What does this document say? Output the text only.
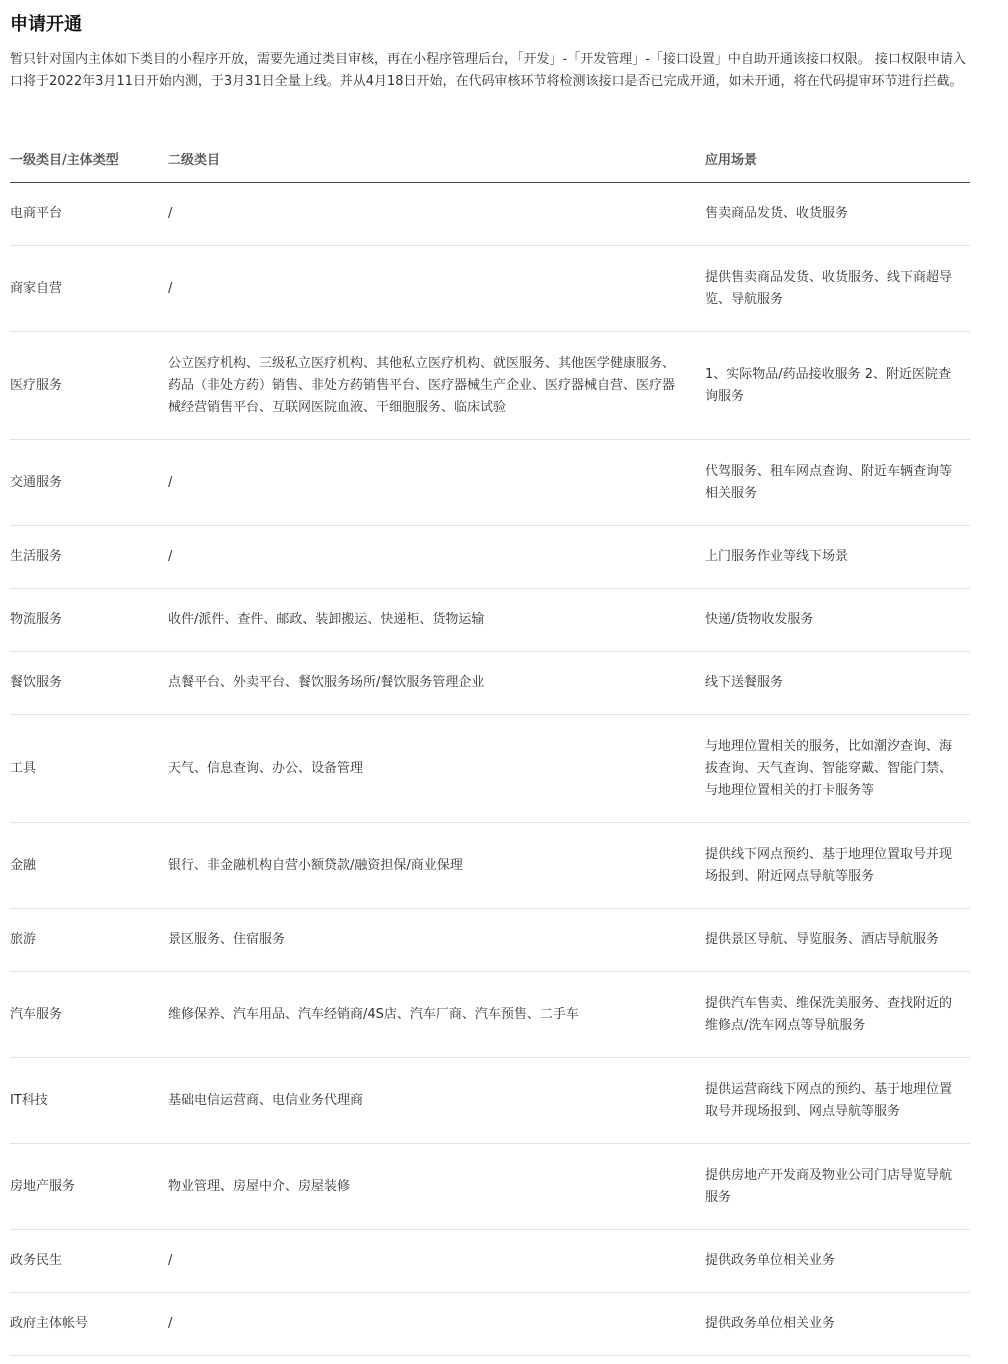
申请开通

暂只针对国内主体如下类目的小程序开放，需要先通过类目审核，再在小程序管理后台，「开发」-「开发管理」-「接口设置」中自助开通该接口权限。 接口权限申请入口将于2022年3月11日开始内测，于3月31日全量上线。并从4月18日开始，在代码审核环节将检测该接口是否已完成开通，如未开通，将在代码提审环节进行拦截。

一级类目/主体类型	二级类目	应用场景
电商平台	/	售卖商品发货、收货服务
商家自营	/	提供售卖商品发货、收货服务、线下商超导览、导航服务
医疗服务	公立医疗机构、三级私立医疗机构、其他私立医疗机构、就医服务、其他医学健康服务、药品（非处方药）销售、非处方药销售平台、医疗器械生产企业、医疗器械自营、医疗器械经营销售平台、互联网医院血液、干细胞服务、临床试验	1、实际物品/药品接收服务 2、附近医院查询服务
交通服务	/	代驾服务、租车网点查询、附近车辆查询等相关服务
生活服务	/	上门服务作业等线下场景
物流服务	收件/派件、查件、邮政、装卸搬运、快递柜、货物运输	快递/货物收发服务
餐饮服务	点餐平台、外卖平台、餐饮服务场所/餐饮服务管理企业	线下送餐服务
工具	天气、信息查询、办公、设备管理	与地理位置相关的服务，比如潮汐查询、海拔查询、天气查询、智能穿戴、智能门禁、与地理位置相关的打卡服务等
金融	银行、非金融机构自营小额贷款/融资担保/商业保理	提供线下网点预约、基于地理位置取号并现场报到、附近网点导航等服务
旅游	景区服务、住宿服务	提供景区导航、导览服务、酒店导航服务
汽车服务	维修保养、汽车用品、汽车经销商/4S店、汽车厂商、汽车预售、二手车	提供汽车售卖、维保洗美服务、查找附近的维修点/洗车网点等导航服务
IT科技	基础电信运营商、电信业务代理商	提供运营商线下网点的预约、基于地理位置取号并现场报到、网点导航等服务
房地产服务	物业管理、房屋中介、房屋装修	提供房地产开发商及物业公司门店导览导航服务
政务民生	/	提供政务单位相关业务
政府主体帐号	/	提供政务单位相关业务
